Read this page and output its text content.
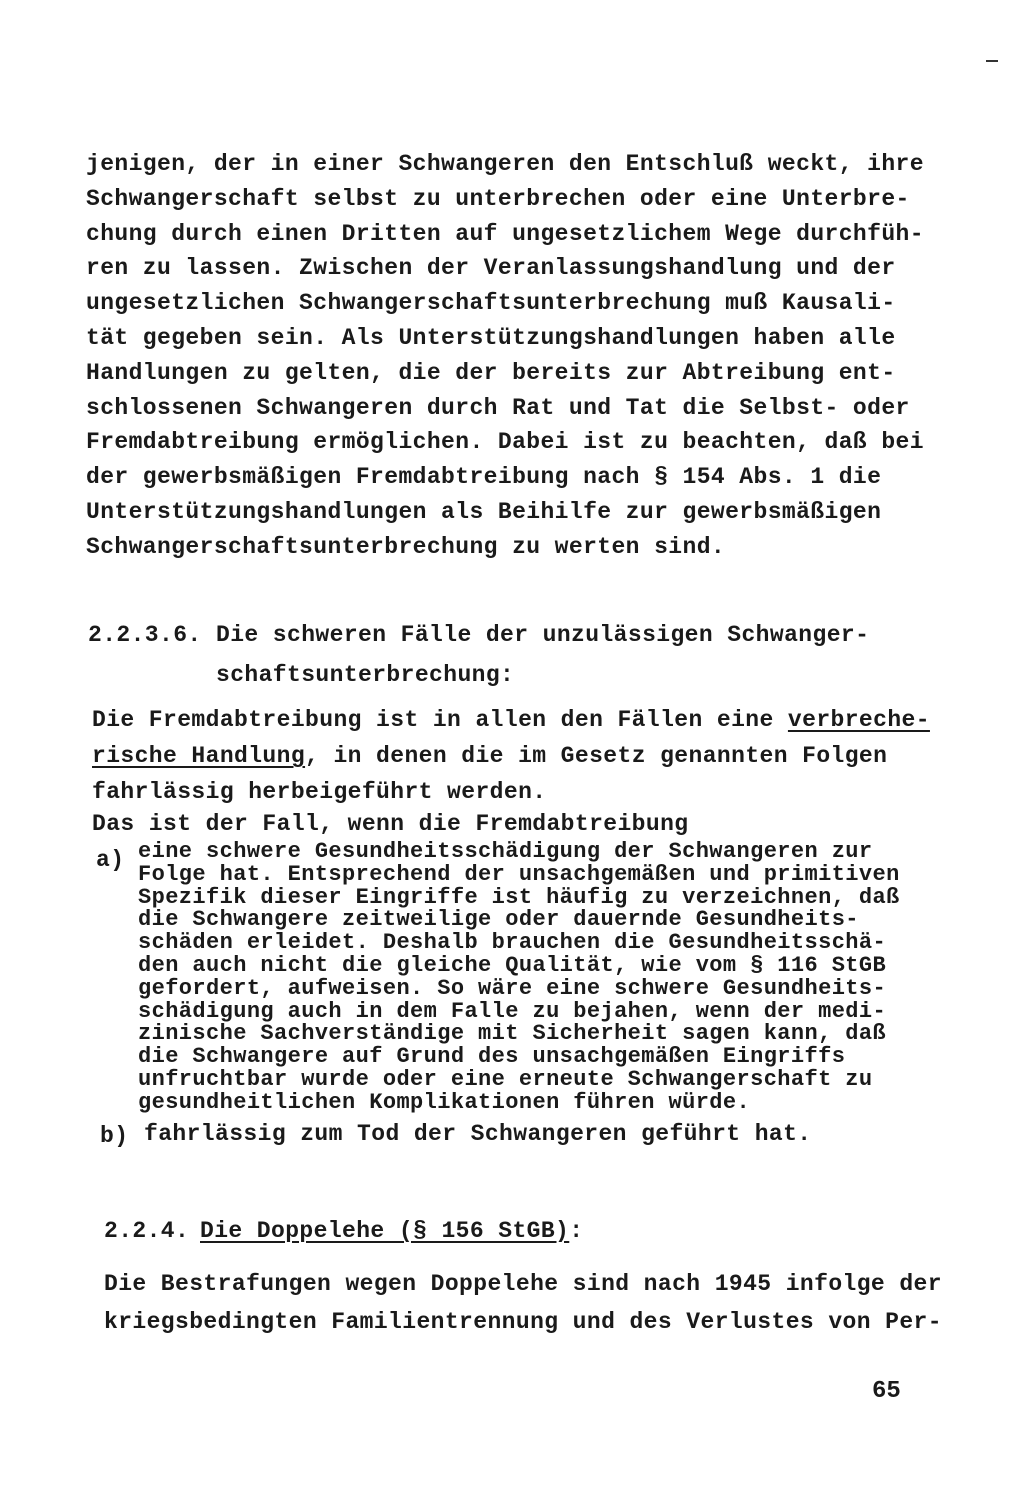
jenigen, der in einer Schwangeren den Entschluß weckt, ihre
Schwangerschaft selbst zu unterbrechen oder eine Unterbre-
chung durch einen Dritten auf ungesetzlichem Wege durchfüh-
ren zu lassen. Zwischen der Veranlassungshandlung und der
ungesetzlichen Schwangerschaftsunterbrechung muß Kausali-
tät gegeben sein. Als Unterstützungshandlungen haben alle
Handlungen zu gelten, die der bereits zur Abtreibung ent-
schlossenen Schwangeren durch Rat und Tat die Selbst- oder
Fremdabtreibung ermöglichen. Dabei ist zu beachten, daß bei
der gewerbsmäßigen Fremdabtreibung nach § 154 Abs. 1 die
Unterstützungshandlungen als Beihilfe zur gewerbsmäßigen
Schwangerschaftsunterbrechung zu werten sind.
2.2.3.6. Die schweren Fälle der unzulässigen Schwanger-
schaftsunterbrechung:
Die Fremdabtreibung ist in allen den Fällen eine verbreche-
rische Handlung, in denen die im Gesetz genannten Folgen
fahrlässig herbeigeführt werden.
Das ist der Fall, wenn die Fremdabtreibung
a) eine schwere Gesundheitsschädigung der Schwangeren zur
Folge hat. Entsprechend der unsachgemäßen und primitiven
Spezifik dieser Eingriffe ist häufig zu verzeichnen, daß
die Schwangere zeitweilige oder dauernde Gesundheits-
schäden erleidet. Deshalb brauchen die Gesundheitsschä-
den auch nicht die gleiche Qualität, wie vom § 116 StGB
gefordert, aufweisen. So wäre eine schwere Gesundheits-
schädigung auch in dem Falle zu bejahen, wenn der medi-
zinische Sachverständige mit Sicherheit sagen kann, daß
die Schwangere auf Grund des unsachgemäßen Eingriffs
unfruchtbar wurde oder eine erneute Schwangerschaft zu
gesundheitlichen Komplikationen führen würde.
b) fahrlässig zum Tod der Schwangeren geführt hat.
2.2.4. Die Doppelehe (§ 156 StGB):
Die Bestrafungen wegen Doppelehe sind nach 1945 infolge der
kriegsbedingten Familientrennung und des Verlustes von Per-
65
